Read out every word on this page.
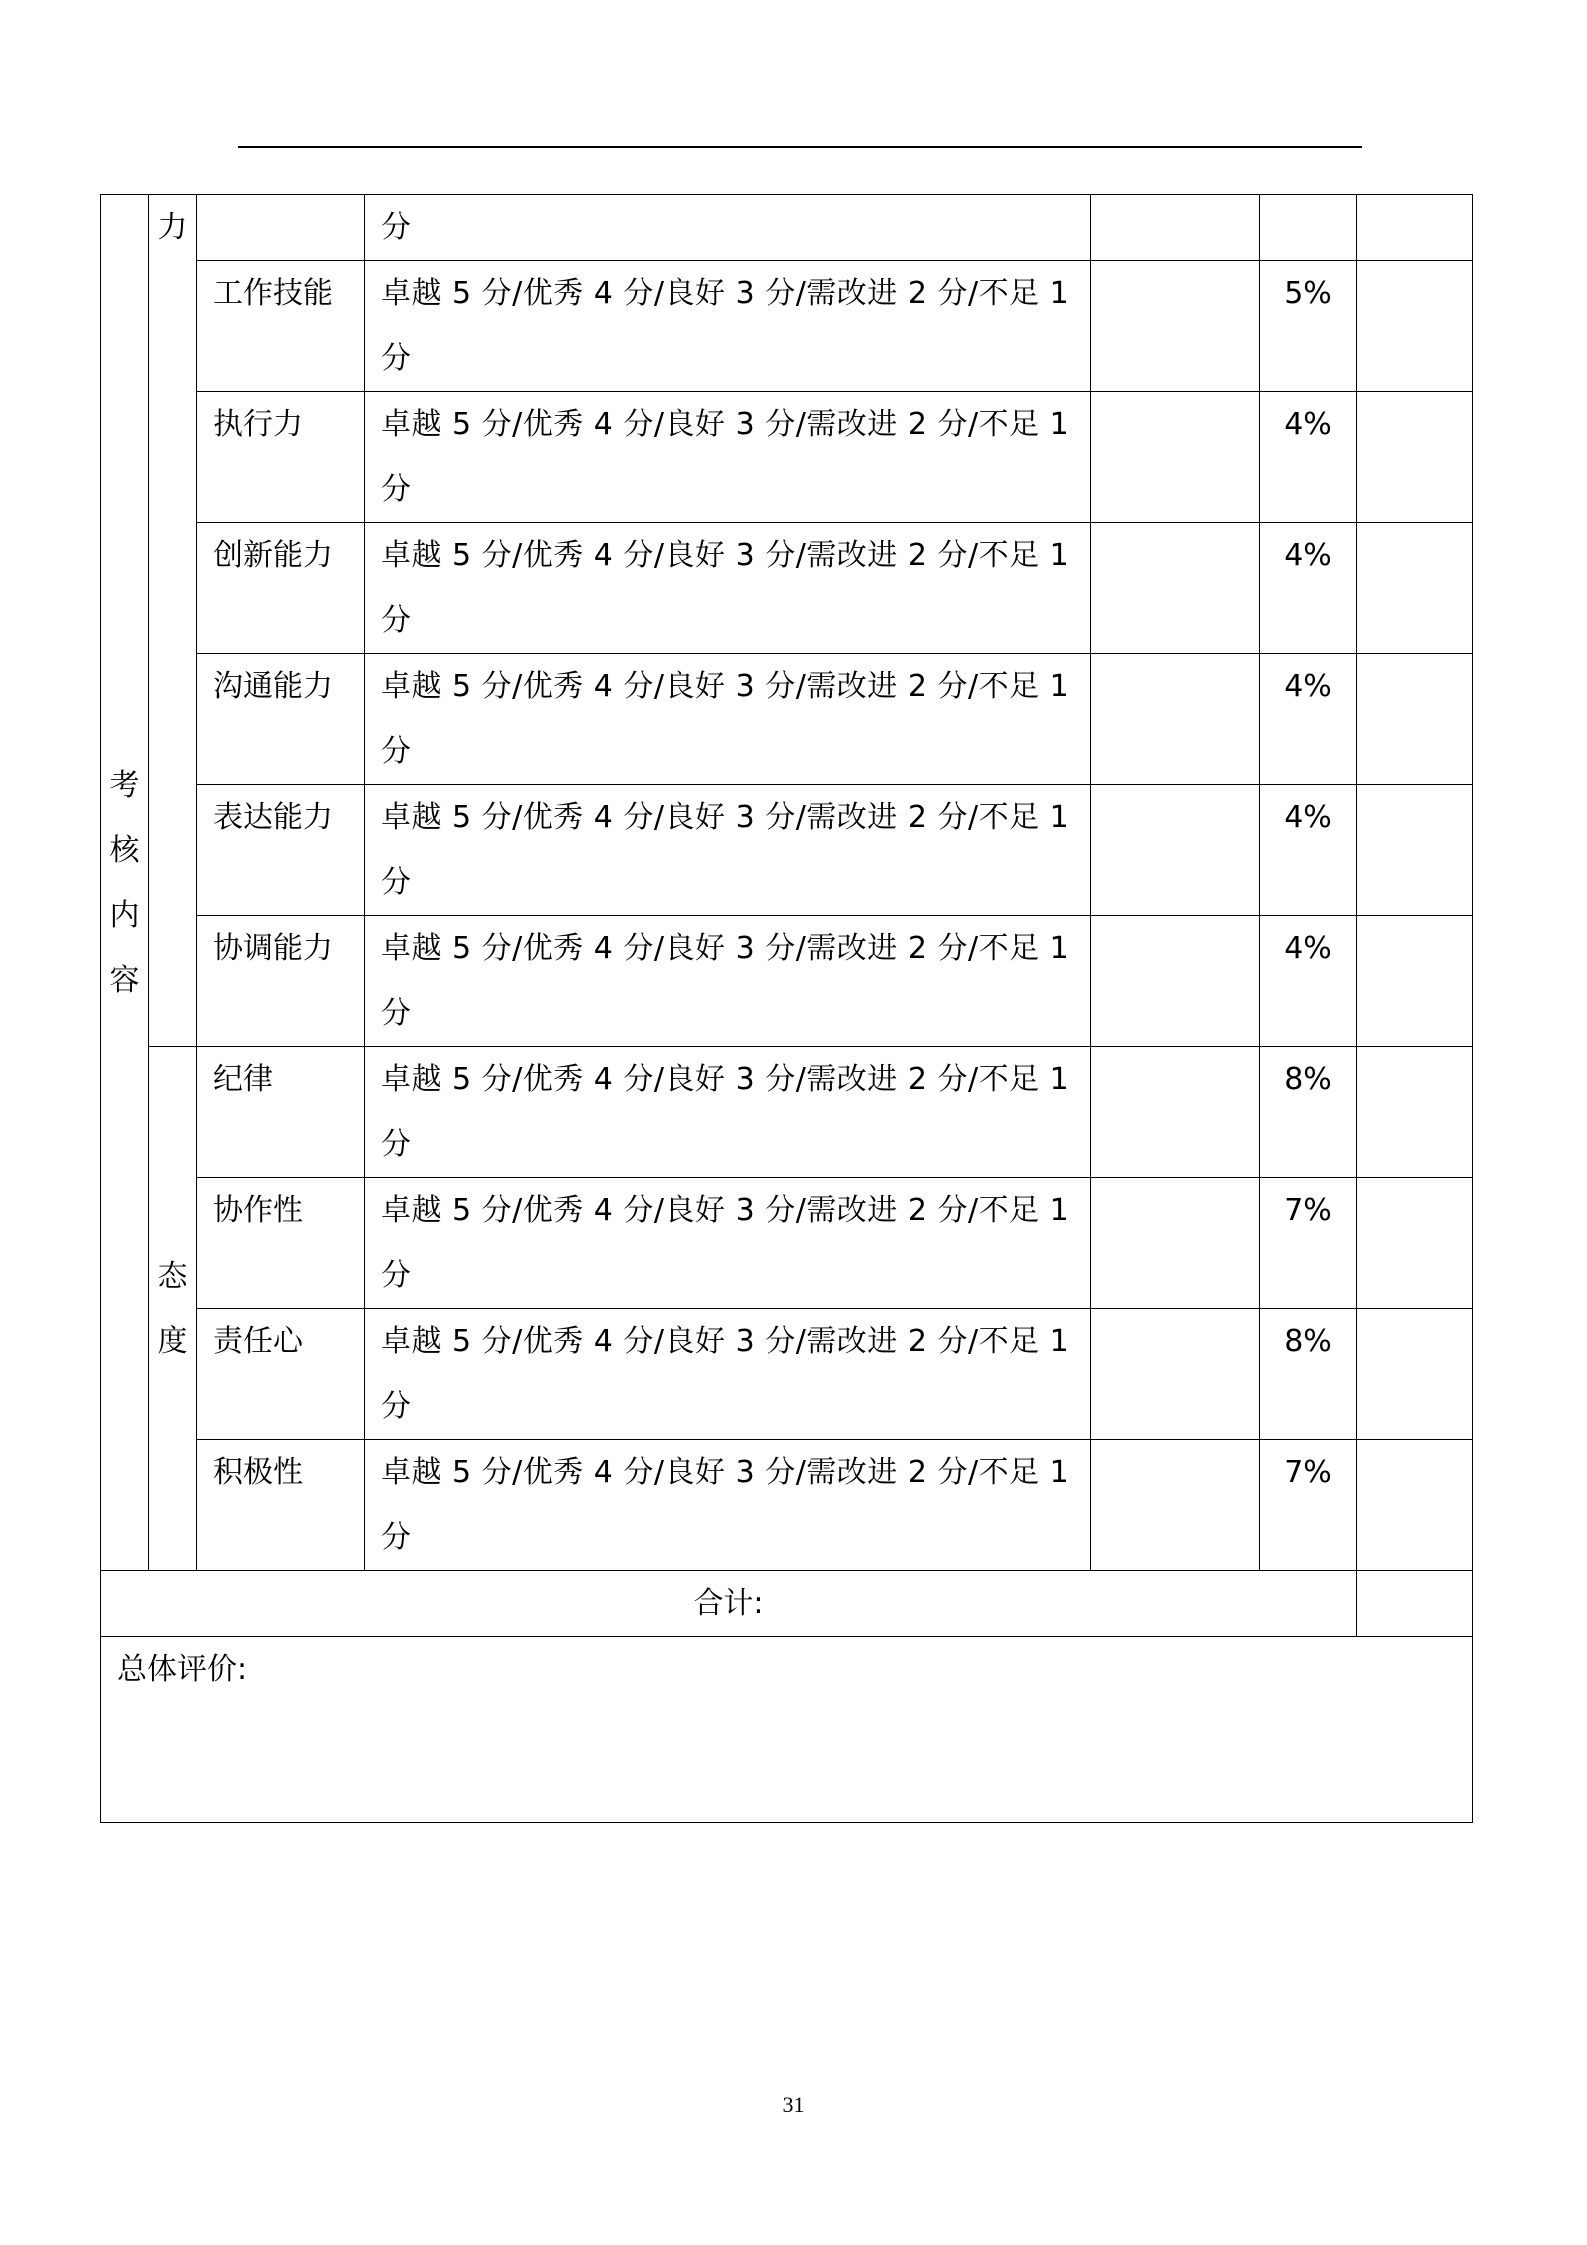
考
核
内
容	力		分			
		工作技能	卓越 5 分/优秀 4 分/良好 3 分/需改进 2 分/不足 1 分		5%	
		执行力	卓越 5 分/优秀 4 分/良好 3 分/需改进 2 分/不足 1 分		4%	
		创新能力	卓越 5 分/优秀 4 分/良好 3 分/需改进 2 分/不足 1 分		4%	
		沟通能力	卓越 5 分/优秀 4 分/良好 3 分/需改进 2 分/不足 1 分		4%	
		表达能力	卓越 5 分/优秀 4 分/良好 3 分/需改进 2 分/不足 1 分		4%	
		协调能力	卓越 5 分/优秀 4 分/良好 3 分/需改进 2 分/不足 1 分		4%	

	态
度	纪律	卓越 5 分/优秀 4 分/良好 3 分/需改进 2 分/不足 1 分		8%	
		协作性	卓越 5 分/优秀 4 分/良好 3 分/需改进 2 分/不足 1 分		7%	
		责任心	卓越 5 分/优秀 4 分/良好 3 分/需改进 2 分/不足 1 分		8%	
		积极性	卓越 5 分/优秀 4 分/良好 3 分/需改进 2 分/不足 1 分		7%	
合计:						
总体评价:						
31
